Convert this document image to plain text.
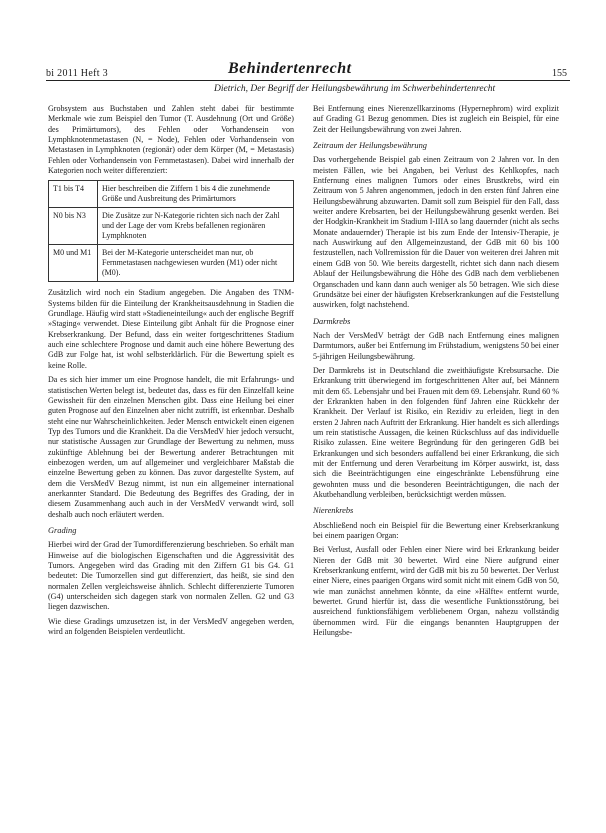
bi 2011 Heft 3	Behindertenrecht	155
Dietrich, Der Begriff der Heilungsbewährung im Schwerbehindertenrecht

Grobsystem aus Buchstaben und Zahlen steht dabei für bestimmte Merkmale wie zum Beispiel den Tumor (T. Ausdehnung (Ort und Größe) des Primärtumors), des Fehlen oder Vorhandensein von Lymphknotenmetastasen (N, = Node), Fehlen oder Vorhandensein von Metastasen in Lymphknoten (regionär) oder dem Körper (M, = Metastasis) Fehlen oder Vorhandensein von Fernmetastasen). Dabei wird innerhalb der Kategorien noch weiter differenziert:

T1 bis T4	Hier beschreiben die Ziffern 1 bis 4 die zunehmende Größe und Ausbreitung des Primärtumors
N0 bis N3	Die Zusätze zur N-Kategorie richten sich nach der Zahl und der Lage der vom Krebs befallenen regionären Lymphknoten
M0 und M1	Bei der M-Kategorie unterscheidet man nur, ob Fernmetastasen nachgewiesen wurden (M1) oder nicht (M0).

Zusätzlich wird noch ein Stadium angegeben. Die Angaben des TNM-Systems bilden für die Einteilung der Krankheitsausdehnung in Stadien die Grundlage. Häufig wird statt »Stadieneinteilung« auch der englische Begriff »Staging« verwendet. Diese Einteilung gibt Anhalt für die Prognose einer Krebserkrankung. Der Befund, dass ein weiter fortgeschrittenes Stadium auch eine schlechtere Prognose und damit auch eine höhere Bewertung des GdB zur Folge hat, ist wohl selbsterklärlich. Für die Bewertung spielt es keine Rolle.

Da es sich hier immer um eine Prognose handelt, die mit Erfahrungs- und statistischen Werten belegt ist, bedeutet das, dass es für den Einzelfall keine Gewissheit für den einzelnen Menschen gibt. Dass eine Heilung bei einer guten Prognose auf den Einzelnen aber nicht zutrifft, ist erkennbar. Deshalb steht eine nur Wahrscheinlichkeiten. Jeder Mensch entwickelt einen eigenen Typ des Tumors und die Krankheit. Da die VersMedV hier jedoch versucht, nur statistische Aussagen zur Grundlage der Bewertung zu nehmen, muss zukünftige Ablehnung bei der Bewertung anderer Betrachtungen mit einbezogen werden, um auf allgemeiner und vergleichbarer Maßstab die einzelne Bewertung geben zu können. Das zuvor dargestellte System, auf dem die VersMedV Bezug nimmt, ist nun ein allgemeiner international anerkannter Standard. Die Bedeutung des Begriffes des Grading, der in diesem Zusammenhang auch auch in der VersMedV verwandt wird, soll deshalb auch noch erläutert werden.

Grading

Hierbei wird der Grad der Tumordifferenzierung beschrieben. So erhält man Hinweise auf die biologischen Eigenschaften und die Aggressivität des Tumors. Angegeben wird das Grading mit den Ziffern G1 bis G4. G1 bedeutet: Die Tumorzellen sind gut differenziert, das heißt, sie sind den normalen Zellen vergleichsweise ähnlich. Schlecht differenzierte Tumoren (G4) unterscheiden sich dagegen stark von normalen Zellen. G2 und G3 liegen dazwischen.

Wie diese Gradings umzusetzen ist, in der VersMedV angegeben werden, wird an folgenden Beispielen verdeutlicht.

Bei Entfernung eines Nierenzellkarzinoms (Hypernephrom) wird explizit auf Grading G1 Bezug genommen. Dies ist zugleich ein Beispiel, für eine Zeit der Heilungsbewährung von zwei Jahren.

Zeitraum der Heilungsbewährung

Das vorhergehende Beispiel gab einen Zeitraum von 2 Jahren vor. In den meisten Fällen, wie bei Angaben, bei Verlust des Kehlkopfes, nach Entfernung eines malignen Tumors oder eines Brustkrebs, wird ein Zeitraum von 5 Jahren angenommen, jedoch in den ersten fünf Jahren eine Heilungsbewährung abzuwarten. Damit soll zum Beispiel für den Fall, dass weiter andere Krebsarten, bei der Heilungsbewährung gesenkt werden. Bei der Hodgkin-Krankheit im Stadium I-IIIA so lang dauernder (nicht als sechs Monate andauernder) Therapie ist bis zum Ende der Intensiv-Therapie, je nach Auswirkung auf den Allgemeinzustand, der GdB mit 60 bis 100 festzustellen, nach Vollremission für die Dauer von weiteren drei Jahren mit einem GdB von 50. Wie bereits dargestellt, richtet sich dann nach diesem Ablauf der Heilungsbewährung die Höhe des GdB nach dem verbliebenen Organschaden und kann dann auch weniger als 50 betragen. Wie sich diese Grundsätze bei einer der häufigsten Krebserkrankungen auf die Feststellung auswirken, folgt nachstehend.

Darmkrebs

Nach der VersMedV beträgt der GdB nach Entfernung eines malignen Darmtumors, außer bei Entfernung im Frühstadium, wenigstens 50 bei einer 5-jährigen Heilungsbewährung.

Der Darmkrebs ist in Deutschland die zweithäufigste Krebsursache. Die Erkrankung tritt überwiegend im fortgeschrittenen Alter auf, bei Männern mit dem 65. Lebensjahr und bei Frauen mit dem 69. Lebensjahr. Rund 60 % der Erkrankten haben in den folgenden fünf Jahren eine Rückkehr der Krankheit. Der Verlauf ist Risiko, ein Rezidiv zu erleiden, liegt in den ersten 2 Jahren nach Auftritt der Erkrankung. Hier handelt es sich allerdings um rein statistische Aussagen, die keinen Rückschluss auf das individuelle Risiko zulassen. Eine weitere Begründung für den geringeren GdB bei Erkrankungen und sich besonders auffallend bei einer Erkrankung, die sich mit der Entfernung und deren Verarbeitung im Körper auswirkt, ist, dass sich die Beeinträchtigungen eine eingeschränkte Lebensführung eine gewohnten muss und die besonderen Beeinträchtigungen, die nach der Akutbehandlung verbleiben, berücksichtigt werden müssen.

Nierenkrebs

Abschließend noch ein Beispiel für die Bewertung einer Krebserkrankung bei einem paarigen Organ:

Bei Verlust, Ausfall oder Fehlen einer Niere wird bei Erkrankung beider Nieren der GdB mit 30 bewertet. Wird eine Niere aufgrund einer Krebserkrankung entfernt, wird der GdB mit bis zu 50 bewertet. Der Verlust einer Niere, eines paarigen Organs wird somit nicht mit einem GdB von 50, wie man zunächst annehmen könnte, da eine »Hälfte« entfernt wurde, bewertet. Grund hierfür ist, dass die wesentliche Funktionsstörung, bei ausreichend funktionsfähigem verbliebenem Organ, nahezu vollständig übernommen wird. Für die eingangs benannten Hauptgruppen der Heilungsbe-
